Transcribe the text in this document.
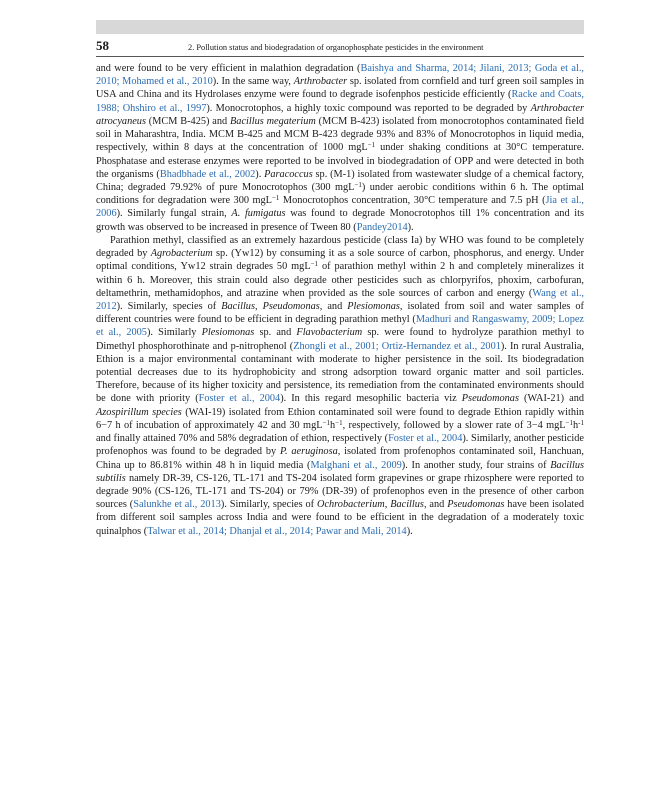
58	2. Pollution status and biodegradation of organophosphate pesticides in the environment

and were found to be very efficient in malathion degradation (Baishya and Sharma, 2014; Jilani, 2013; Goda et al., 2010; Mohamed et al., 2010). In the same way, Arthrobacter sp. isolated from cornfield and turf green soil samples in USA and China and its Hydrolases enzyme were found to degrade isofenphos pesticide efficiently (Racke and Coats, 1988; Ohshiro et al., 1997). Monocrotophos, a highly toxic compound was reported to be degraded by Arthrobacter atrocyaneus (MCM B-425) and Bacillus megaterium (MCM B-423) isolated from monocrotophos contaminated field soil in Maharashtra, India. MCM B-425 and MCM B-423 degrade 93% and 83% of Monocrotophos in liquid media, respectively, within 8 days at the concentration of 1000 mgL$^{-1}$ under shaking conditions at 30°C temperature. Phosphatase and esterase enzymes were reported to be involved in biodegradation of OPP and were detected in both the organisms (Bhadbhade et al., 2002). Paracoccus sp. (M-1) isolated from wastewater sludge of a chemical factory, China; degraded 79.92% of pure Monocrotophos (300 mgL$^{-1}$) under aerobic conditions within 6 h. The optimal conditions for degradation were 300 mgL$^{-1}$ Monocrotophos concentration, 30°C temperature and 7.5 pH (Jia et al., 2006). Similarly fungal strain, A. fumigatus was found to degrade Monocrotophos till 1% concentration and its growth was observed to be increased in presence of Tween 80 (Pandey2014).

Parathion methyl, classified as an extremely hazardous pesticide (class Ia) by WHO was found to be completely degraded by Agrobacterium sp. (Yw12) by consuming it as a sole source of carbon, phosphorus, and energy. Under optimal conditions, Yw12 strain degrades 50 mgL$^{-1}$ of parathion methyl within 2 h and completely mineralizes it within 6 h. Moreover, this strain could also degrade other pesticides such as chlorpyrifos, phoxim, carbofuran, deltamethrin, methamidophos, and atrazine when provided as the sole sources of carbon and energy (Wang et al., 2012). Similarly, species of Bacillus, Pseudomonas, and Plesiomonas, isolated from soil and water samples of different countries were found to be efficient in degrading parathion methyl (Madhuri and Rangaswamy, 2009; Lopez et al., 2005). Similarly Plesiomonas sp. and Flavobacterium sp. were found to hydrolyze parathion methyl to Dimethyl phosphorothinate and p-nitrophenol (Zhongli et al., 2001; Ortiz-Hernandez et al., 2001). In rural Australia, Ethion is a major environmental contaminant with moderate to higher persistence in the soil. Its biodegradation potential decreases due to its hydrophobicity and strong adsorption toward organic matter and soil particles. Therefore, because of its higher toxicity and persistence, its remediation from the contaminated environments should be done with priority (Foster et al., 2004). In this regard mesophilic bacteria viz Pseudomonas (WAI-21) and Azospirillum species (WAI-19) isolated from Ethion contaminated soil were found to degrade Ethion rapidly within 6−7 h of incubation of approximately 42 and 30 $mgL^{-1}h^{-1}$, respectively, followed by a slower rate of 3−4 $mgL^{-1}h^{-1}$ and finally attained 70% and 58% degradation of ethion, respectively (Foster et al., 2004). Similarly, another pesticide profenophos was found to be degraded by P. aeruginosa, isolated from profenophos contaminated soil, Hanchuan, China up to 86.81% within 48 h in liquid media (Malghani et al., 2009). In another study, four strains of Bacillus subtilis namely DR-39, CS-126, TL-171 and TS-204 isolated form grapevines or grape rhizosphere were reported to degrade 90% (CS-126, TL-171 and TS-204) or 79% (DR-39) of profenophos even in the presence of other carbon sources (Salunkhe et al., 2013). Similarly, species of Ochrobacterium, Bacillus, and Pseudomonas have been isolated from different soil samples across India and were found to be efficient in the degradation of a moderately toxic quinalphos (Talwar et al., 2014; Dhanjal et al., 2014; Pawar and Mali, 2014).
